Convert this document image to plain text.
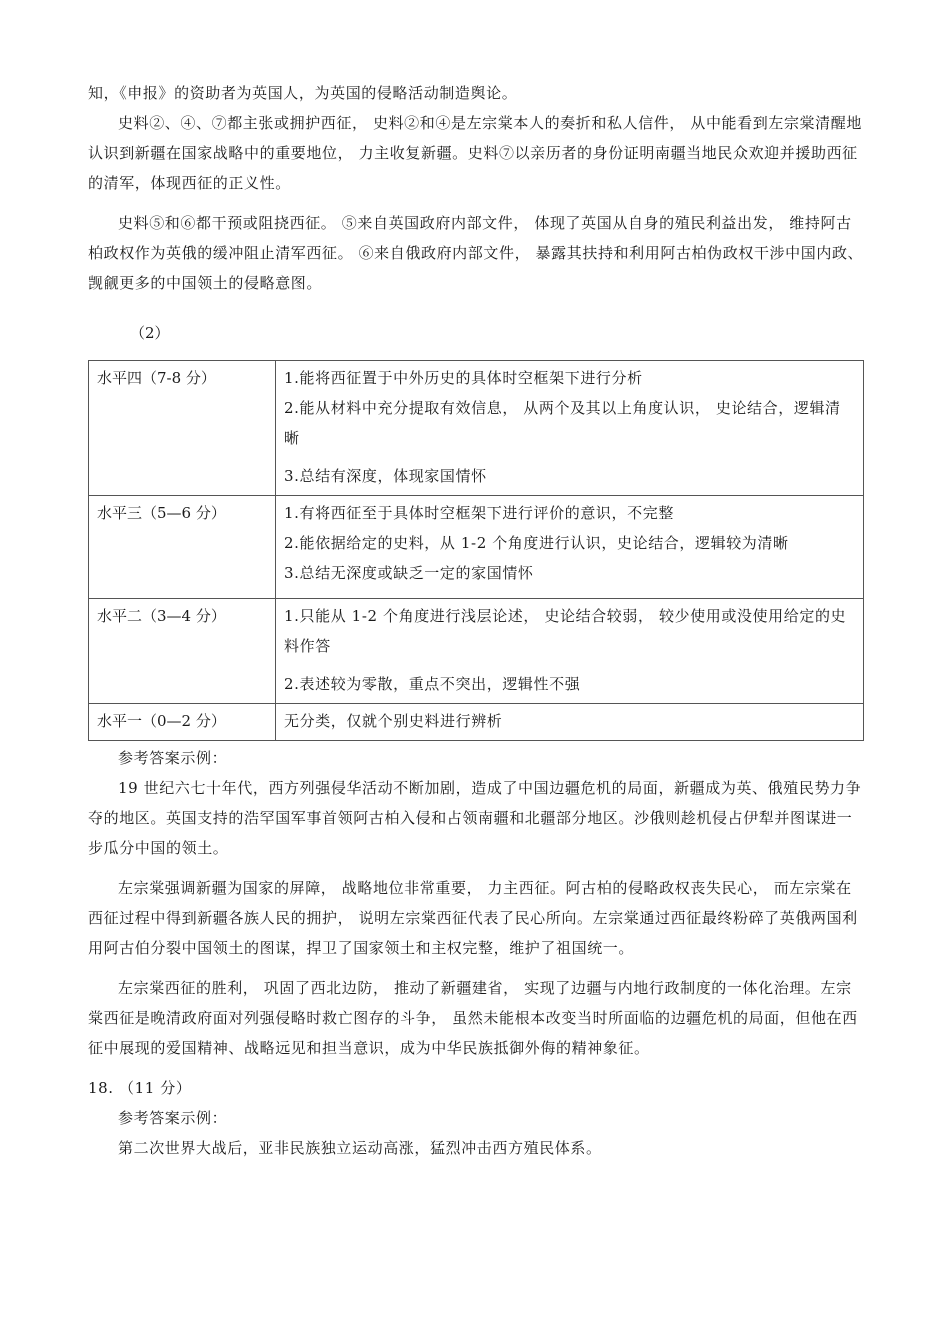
知，《申报》的资助者为英国人，为英国的侵略活动制造舆论。

史料②、④、⑦都主张或拥护西征， 史料②和④是左宗棠本人的奏折和私人信件， 从中能看到左宗棠清醒地认识到新疆在国家战略中的重要地位， 力主收复新疆。史料⑦以亲历者的身份证明南疆当地民众欢迎并援助西征的清军，体现西征的正义性。

史料⑤和⑥都干预或阻挠西征。 ⑤来自英国政府内部文件， 体现了英国从自身的殖民利益出发， 维持阿古柏政权作为英俄的缓冲阻止清军西征。 ⑥来自俄政府内部文件， 暴露其扶持和利用阿古柏伪政权干涉中国内政、觊觎更多的中国领土的侵略意图。

（2）
水平四（7-8 分）	1.能将西征置于中外历史的具体时空框架下进行分析
2.能从材料中充分提取有效信息， 从两个及其以上角度认识， 史论结合，逻辑清晰
3.总结有深度，体现家国情怀

水平三（5—6 分）	1.有将西征至于具体时空框架下进行评价的意识，不完整
2.能依据给定的史料，从 1-2 个角度进行认识，史论结合，逻辑较为清晰
3.总结无深度或缺乏一定的家国情怀

水平二（3—4 分）	1.只能从 1-2 个角度进行浅层论述， 史论结合较弱， 较少使用或没使用给定的史料作答
2.表述较为零散，重点不突出，逻辑性不强

水平一（0—2 分）	无分类，仅就个别史料进行辨析

参考答案示例：

19 世纪六七十年代，西方列强侵华活动不断加剧，造成了中国边疆危机的局面，新疆成为英、俄殖民势力争夺的地区。英国支持的浩罕国军事首领阿古柏入侵和占领南疆和北疆部分地区。沙俄则趁机侵占伊犁并图谋进一步瓜分中国的领土。

左宗棠强调新疆为国家的屏障， 战略地位非常重要， 力主西征。阿古柏的侵略政权丧失民心， 而左宗棠在西征过程中得到新疆各族人民的拥护， 说明左宗棠西征代表了民心所向。左宗棠通过西征最终粉碎了英俄两国利用阿古伯分裂中国领土的图谋，捍卫了国家领土和主权完整，维护了祖国统一。

左宗棠西征的胜利， 巩固了西北边防， 推动了新疆建省， 实现了边疆与内地行政制度的一体化治理。左宗棠西征是晚清政府面对列强侵略时救亡图存的斗争， 虽然未能根本改变当时所面临的边疆危机的局面，但他在西征中展现的爱国精神、战略远见和担当意识，成为中华民族抵御外侮的精神象征。

18. （11 分）

参考答案示例：

第二次世界大战后，亚非民族独立运动高涨，猛烈冲击西方殖民体系。
